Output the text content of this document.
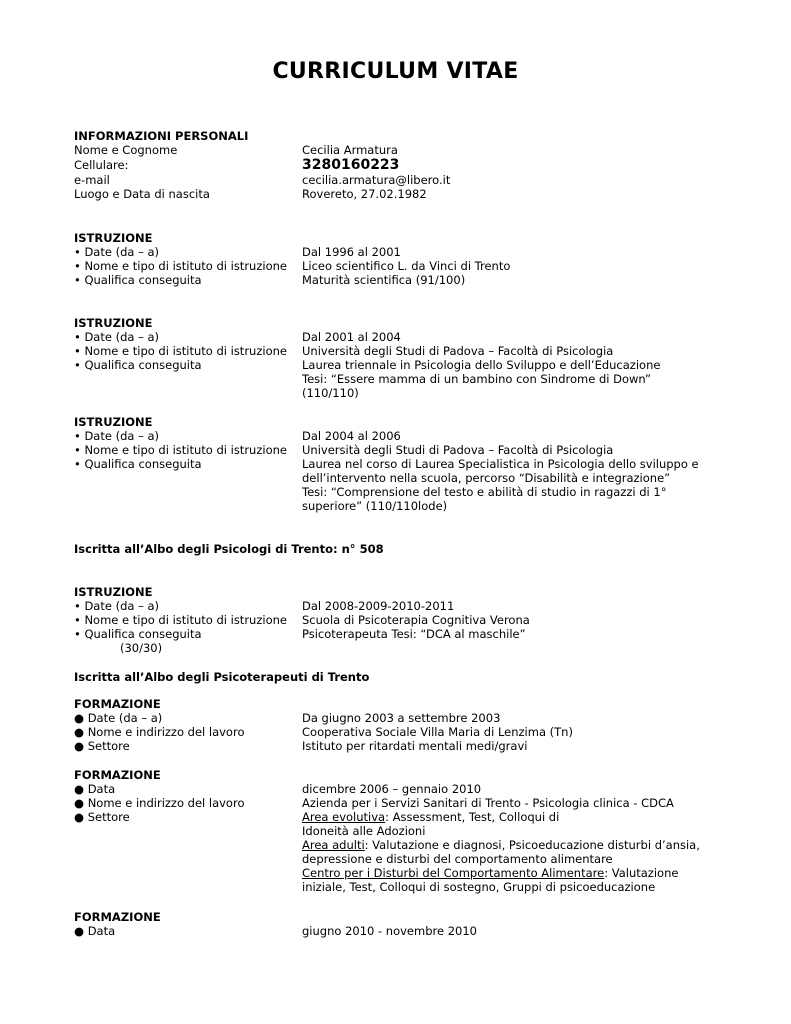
CURRICULUM VITAE
INFORMAZIONI PERSONALI
Nome e Cognome	Cecilia Armatura
Cellulare:	3280160223
e-mail	cecilia.armatura@libero.it
Luogo e Data di nascita	Rovereto, 27.02.1982
ISTRUZIONE
• Date (da – a)	Dal 1996 al 2001
• Nome e tipo di istituto di istruzione	Liceo scientifico L. da Vinci di Trento
• Qualifica conseguita	Maturità scientifica (91/100)
ISTRUZIONE
• Date (da – a)	Dal 2001 al 2004
• Nome e tipo di istituto di istruzione	Università degli Studi di Padova – Facoltà di Psicologia
• Qualifica conseguita	Laurea triennale in Psicologia dello Sviluppo e dell’Educazione

Tesi: “Essere mamma di un bambino con Sindrome di Down”

(110/110)

ISTRUZIONE
• Date (da – a)	Dal 2004 al 2006
• Nome e tipo di istituto di istruzione	Università degli Studi di Padova – Facoltà di Psicologia
• Qualifica conseguita	Laurea nel corso di Laurea Specialistica in Psicologia dello sviluppo e

dell’intervento nella scuola, percorso “Disabilità e integrazione”

Tesi: “Comprensione del testo e abilità di studio in ragazzi di 1°

superiore” (110/110lode)

Iscritta all’Albo degli Psicologi di Trento: n° 508
ISTRUZIONE
• Date (da – a)	Dal 2008-2009-2010-2011
• Nome e tipo di istituto di istruzione	Scuola di Psicoterapia Cognitiva Verona
• Qualifica conseguita	Psicoterapeuta Tesi: “DCA al maschile”
(30/30)
Iscritta all’Albo degli Psicoterapeuti di Trento
FORMAZIONE
● Date (da – a)	Da giugno 2003 a settembre 2003
● Nome e indirizzo del lavoro	Cooperativa Sociale Villa Maria di Lenzima (Tn)
● Settore	Istituto per ritardati mentali medi/gravi
FORMAZIONE
● Data	dicembre 2006 – gennaio 2010
● Nome e indirizzo del lavoro	Azienda per i Servizi Sanitari di Trento - Psicologia clinica - CDCA
● Settore	Area evolutiva: Assessment, Test, Colloqui di

Idoneità alle Adozioni

Area adulti: Valutazione e diagnosi, Psicoeducazione disturbi d’ansia,

depressione e disturbi del comportamento alimentare

Centro per i Disturbi del Comportamento Alimentare: Valutazione

iniziale, Test, Colloqui di sostegno, Gruppi di psicoeducazione

FORMAZIONE
● Data	giugno 2010 - novembre 2010
